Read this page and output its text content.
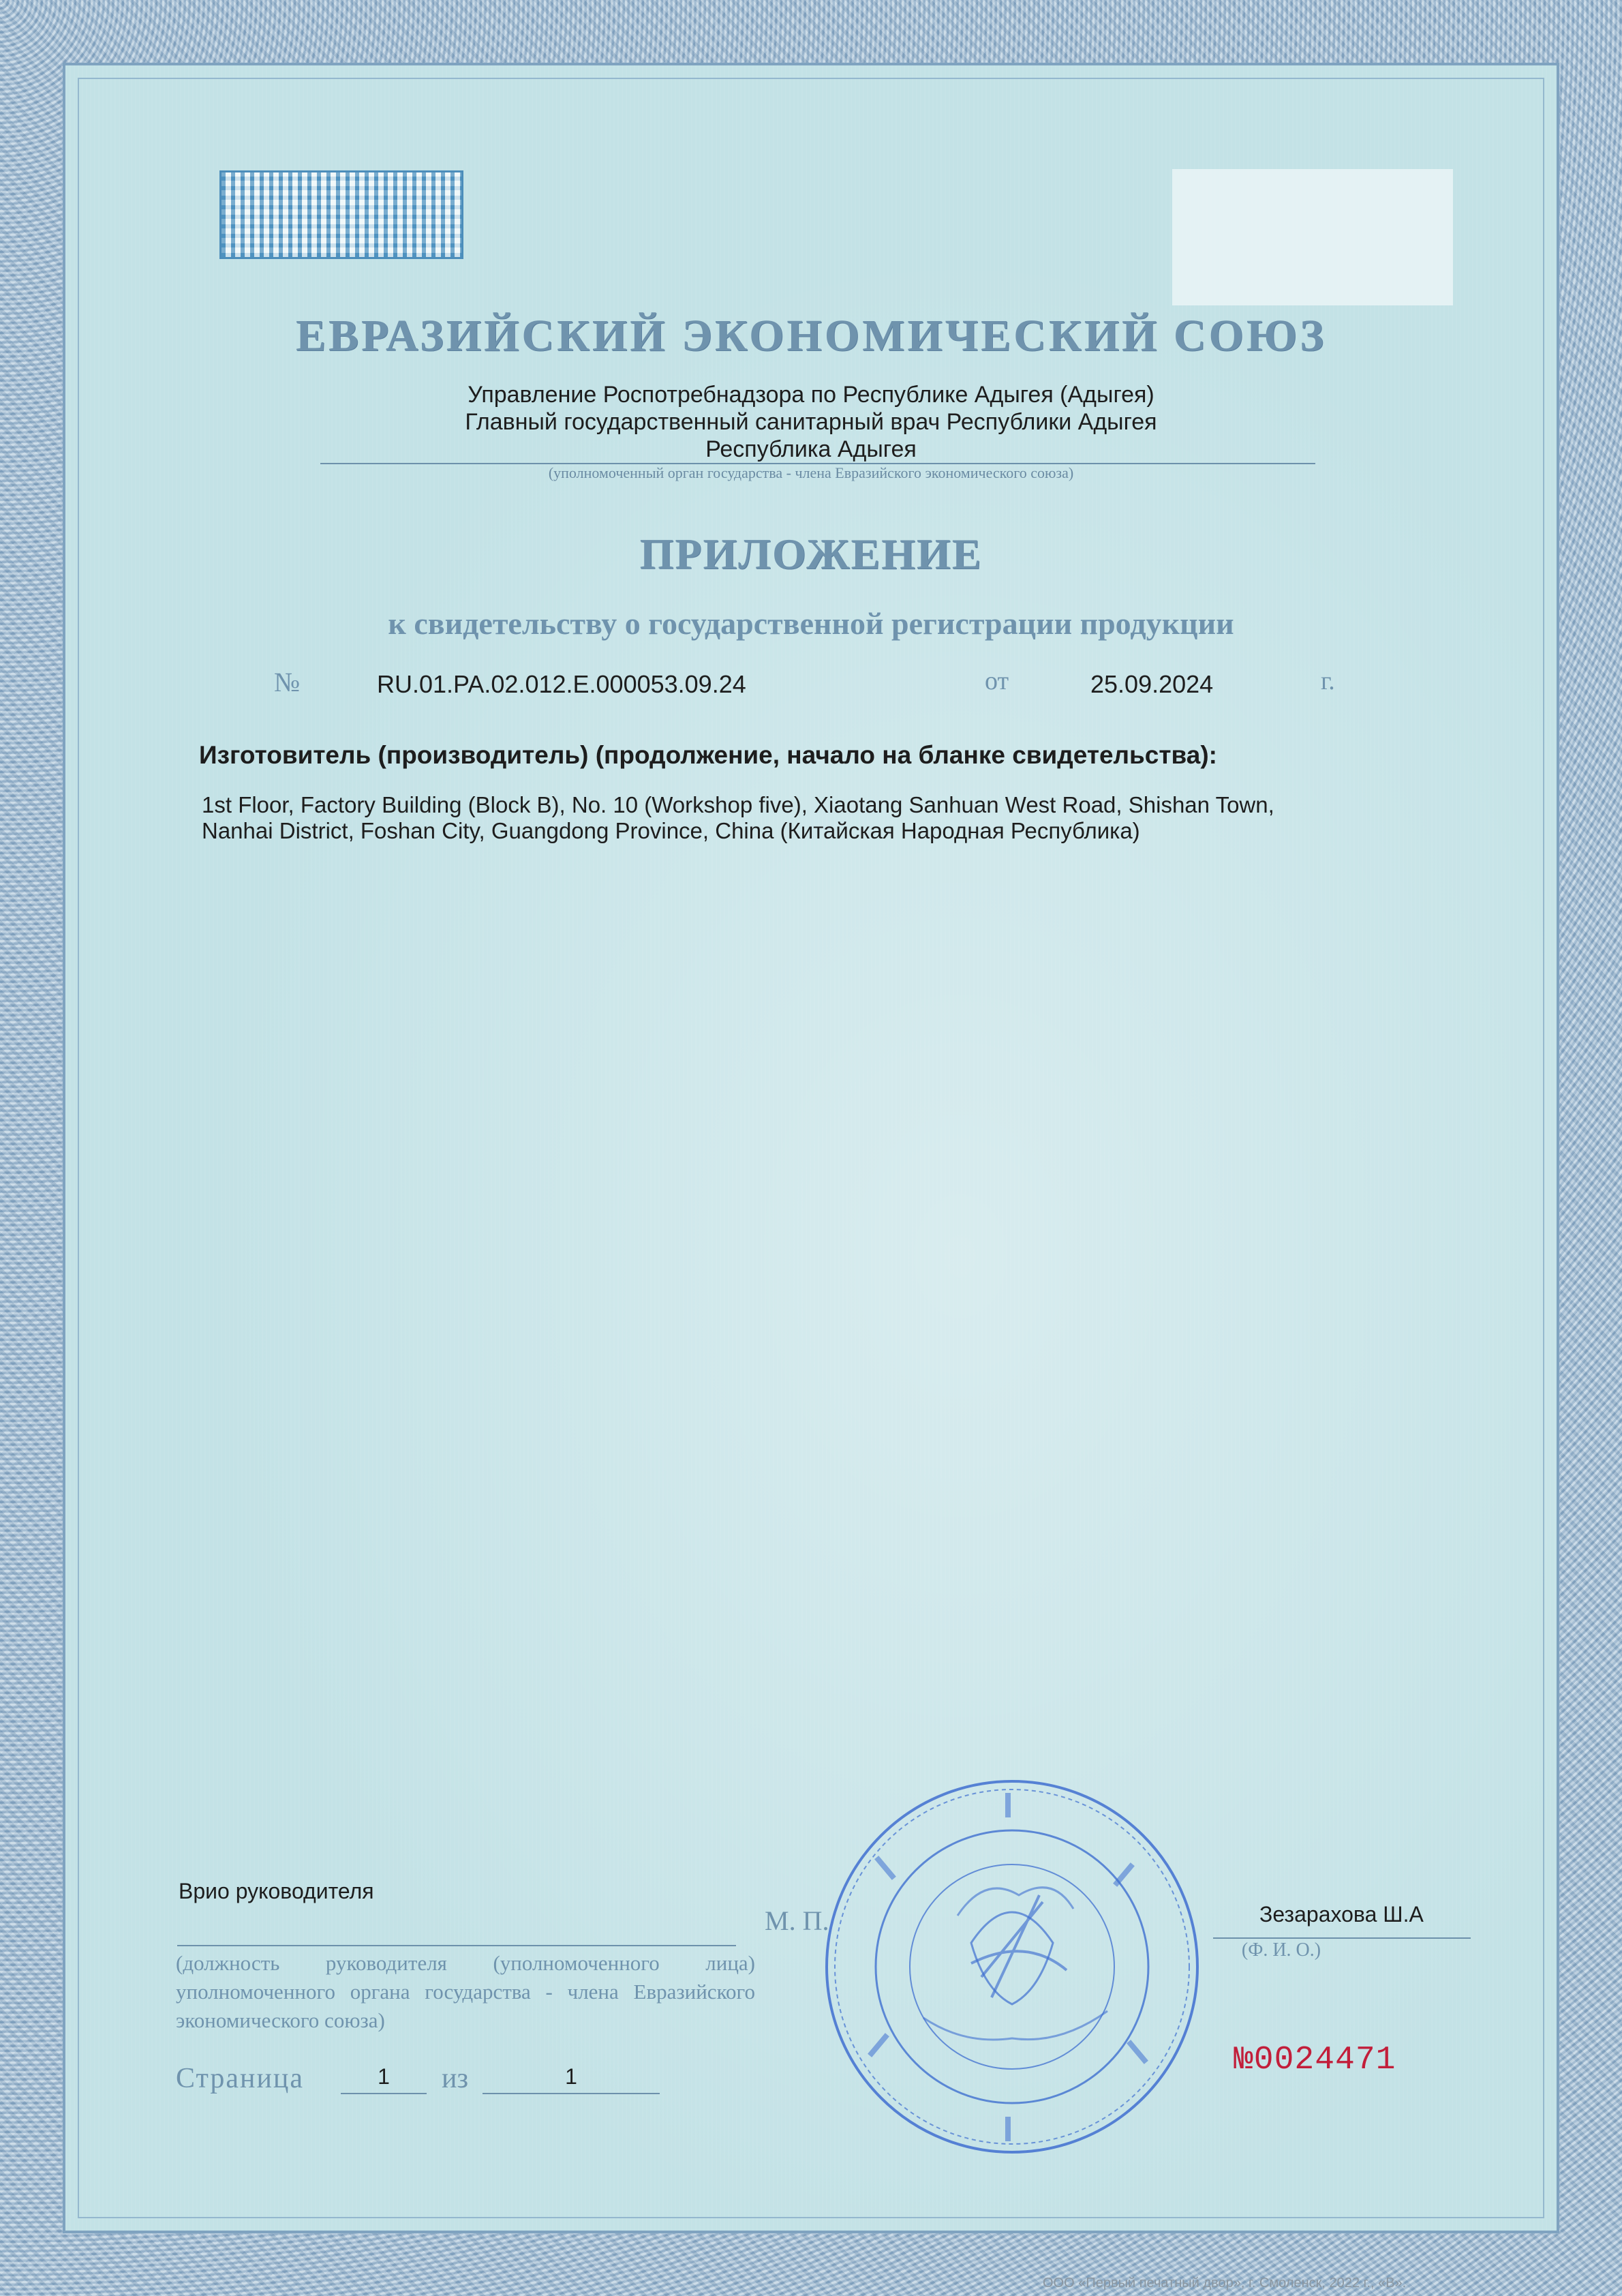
ЕВРАЗИЙСКИЙ ЭКОНОМИЧЕСКИЙ СОЮЗ
Управление Роспотребнадзора по Республике Адыгея (Адыгея)
Главный государственный санитарный врач Республики Адыгея
Республика Адыгея
(уполномоченный орган государства - члена Евразийского экономического союза)
ПРИЛОЖЕНИЕ
к свидетельству о государственной регистрации продукции
№	RU.01.PA.02.012.E.000053.09.24	от	25.09.2024	г.
Изготовитель (производитель) (продолжение, начало на бланке свидетельства):
1st Floor, Factory Building (Block B), No. 10 (Workshop five), Xiaotang Sanhuan West Road, Shishan Town,
Nanhai District, Foshan City, Guangdong Province, China (Китайская Народная Республика)
Врио руководителя
(должность руководителя (уполномоченного лица) уполномоченного органа государства - члена Евразийского экономического союза)
М. П.	Зезарахова Ш.А
(Ф. И. О.)
Страница	1	из	1	№0024471
ООО «Первый печатный двор», г. Смоленск, 2022 г., «В».
